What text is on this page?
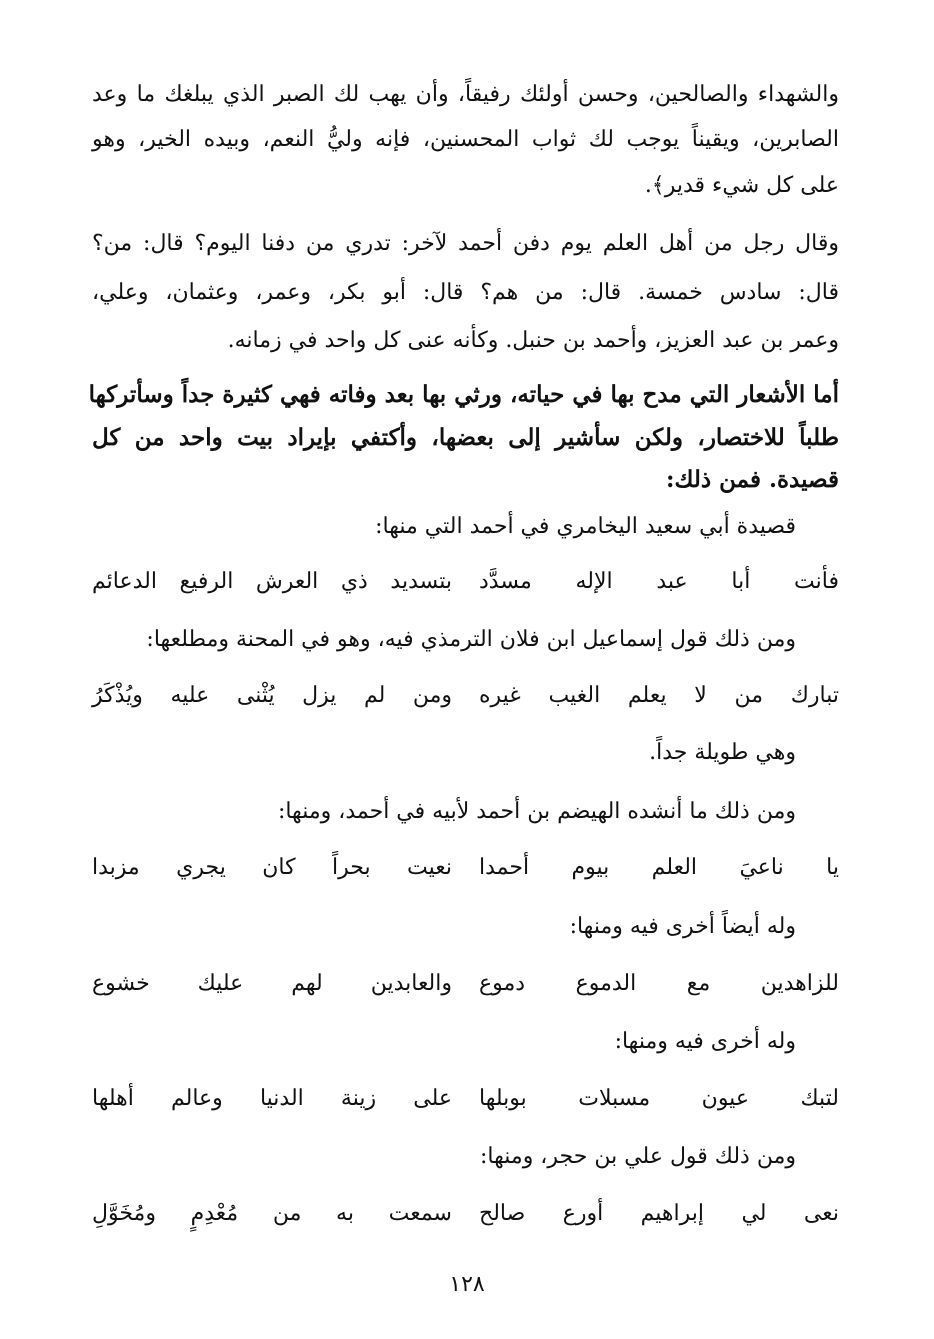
والشهداء والصالحين، وحسن أولئك رفيقاً، وأن يهب لك الصبر الذي يبلغك ما وعد
الصابرين، ويقيناً يوجب لك ثواب المحسنين، فإنه وليُّ النعم، وبيده الخير، وهو
على كل شيء قدير﴾.
وقال رجل من أهل العلم يوم دفن أحمد لآخر: تدري من دفنا اليوم؟ قال: من؟
قال: سادس خمسة. قال: من هم؟ قال: أبو بكر، وعمر، وعثمان، وعلي،
وعمر بن عبد العزيز، وأحمد بن حنبل. وكأنه عنى كل واحد في زمانه.
أما الأشعار التي مدح بها في حياته، ورثي بها بعد وفاته فهي كثيرة جداً وسأتركها
طلباً للاختصار، ولكن سأشير إلى بعضها، وأكتفي بإيراد بيت واحد من كل
قصيدة. فمن ذلك:
قصيدة أبي سعيد اليخامري في أحمد التي منها:
فأنت أبا عبد الإله مسدَّد
بتسديد ذي العرش الرفيع الدعائم
ومن ذلك قول إسماعيل ابن فلان الترمذي فيه، وهو في المحنة ومطلعها:
تبارك من لا يعلم الغيب غيره
ومن لم يزل يُثْنى عليه ويُذْكَرُ
وهي طويلة جداً.
ومن ذلك ما أنشده الهيضم بن أحمد لأبيه في أحمد، ومنها:
يا ناعيَ العلم بيوم أحمدا
نعيت بحراً كان يجري مزبدا
وله أيضاً أخرى فيه ومنها:
للزاهدين مع الدموع دموع
والعابدين لهم عليك خشوع
وله أخرى فيه ومنها:
لتبك عيون مسبلات بوبلها
على زينة الدنيا وعالم أهلها
ومن ذلك قول علي بن حجر، ومنها:
نعى لي إبراهيم أورع صالح
سمعت به من مُعْدِمٍ ومُخَوَّلِ
١٢٨
